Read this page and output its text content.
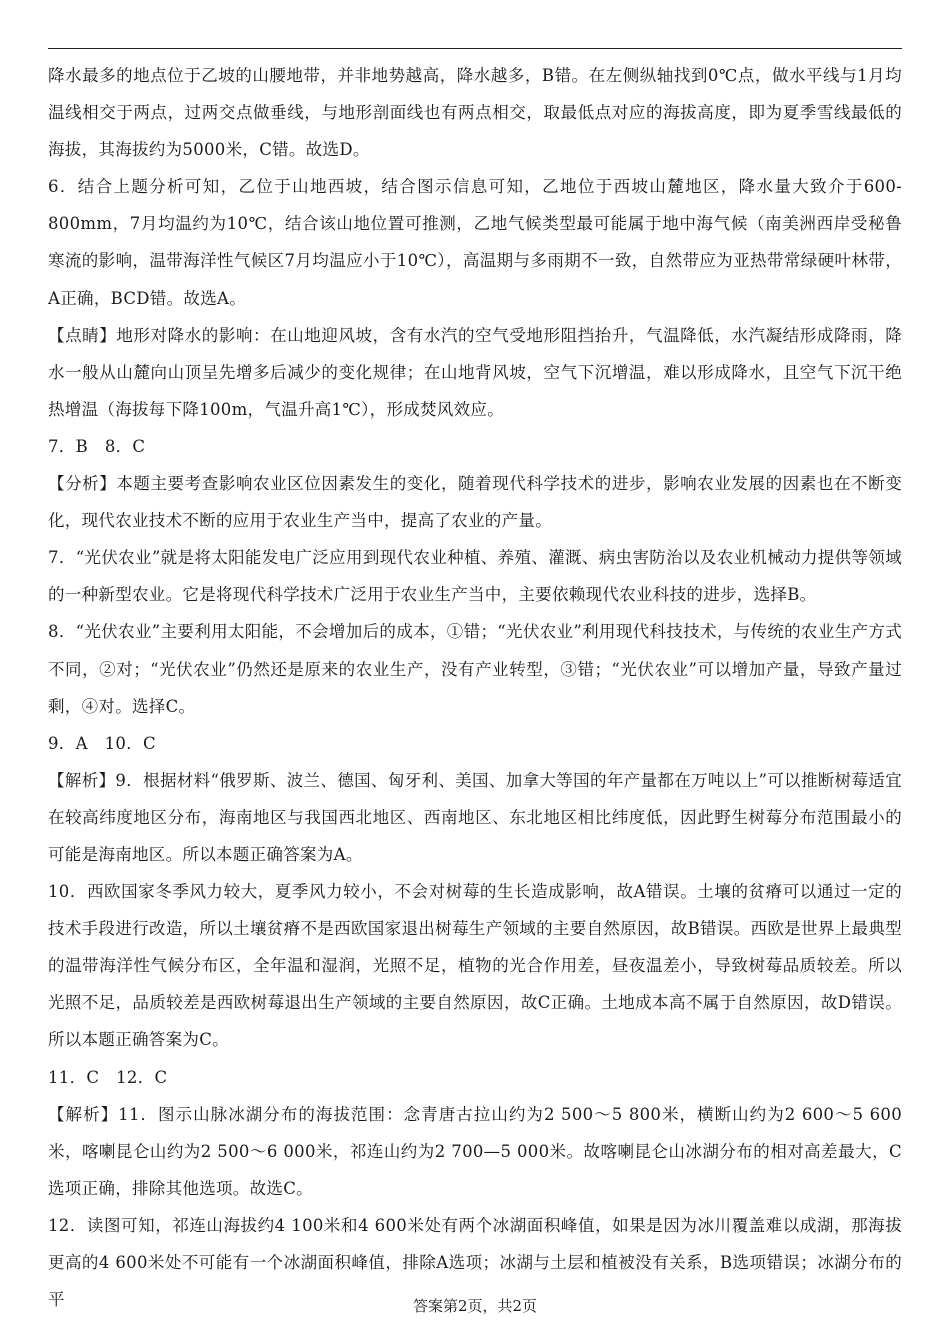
降水最多的地点位于乙坡的山腰地带，并非地势越高，降水越多，B错。在左侧纵轴找到0℃点，做水平线与1月均温线相交于两点，过两交点做垂线，与地形剖面线也有两点相交，取最低点对应的海拔高度，即为夏季雪线最低的海拔，其海拔约为5000米，C错。故选D。

6．结合上题分析可知，乙位于山地西坡，结合图示信息可知，乙地位于西坡山麓地区，降水量大致介于600-800mm，7月均温约为10℃，结合该山地位置可推测，乙地气候类型最可能属于地中海气候（南美洲西岸受秘鲁寒流的影响，温带海洋性气候区7月均温应小于10℃），高温期与多雨期不一致，自然带应为亚热带常绿硬叶林带，A正确，BCD错。故选A。

【点睛】地形对降水的影响：在山地迎风坡，含有水汽的空气受地形阻挡抬升，气温降低，水汽凝结形成降雨，降水一般从山麓向山顶呈先增多后减少的变化规律；在山地背风坡，空气下沉增温，难以形成降水，且空气下沉干绝热增温（海拔每下降100m，气温升高1℃），形成焚风效应。

7．B　8．C

【分析】本题主要考查影响农业区位因素发生的变化，随着现代科学技术的进步，影响农业发展的因素也在不断变化，现代农业技术不断的应用于农业生产当中，提高了农业的产量。

7．“光伏农业”就是将太阳能发电广泛应用到现代农业种植、养殖、灌溉、病虫害防治以及农业机械动力提供等领域的一种新型农业。它是将现代科学技术广泛用于农业生产当中，主要依赖现代农业科技的进步，选择B。

8．“光伏农业”主要利用太阳能，不会增加后的成本，①错；“光伏农业”利用现代科技技术，与传统的农业生产方式不同，②对；“光伏农业”仍然还是原来的农业生产，没有产业转型，③错；“光伏农业”可以增加产量，导致产量过剩，④对。选择C。

9．A　10．C

【解析】9．根据材料“俄罗斯、波兰、德国、匈牙利、美国、加拿大等国的年产量都在万吨以上”可以推断树莓适宜在较高纬度地区分布，海南地区与我国西北地区、西南地区、东北地区相比纬度低，因此野生树莓分布范围最小的可能是海南地区。所以本题正确答案为A。

10．西欧国家冬季风力较大，夏季风力较小，不会对树莓的生长造成影响，故A错误。土壤的贫瘠可以通过一定的技术手段进行改造，所以土壤贫瘠不是西欧国家退出树莓生产领域的主要自然原因，故B错误。西欧是世界上最典型的温带海洋性气候分布区，全年温和湿润，光照不足，植物的光合作用差，昼夜温差小，导致树莓品质较差。所以光照不足，品质较差是西欧树莓退出生产领域的主要自然原因，故C正确。土地成本高不属于自然原因，故D错误。所以本题正确答案为C。

11．C　12．C

【解析】11．图示山脉冰湖分布的海拔范围：念青唐古拉山约为2 500～5 800米，横断山约为2 600～5 600米，喀喇昆仑山约为2 500～6 000米，祁连山约为2 700—5 000米。故喀喇昆仑山冰湖分布的相对高差最大，C选项正确，排除其他选项。故选C。

12．读图可知，祁连山海拔约4 100米和4 600米处有两个冰湖面积峰值，如果是因为冰川覆盖难以成湖，那海拔更高的4 600米处不可能有一个冰湖面积峰值，排除A选项；冰湖与土层和植被没有关系，B选项错误；冰湖分布的平	答案第2页，共2页
